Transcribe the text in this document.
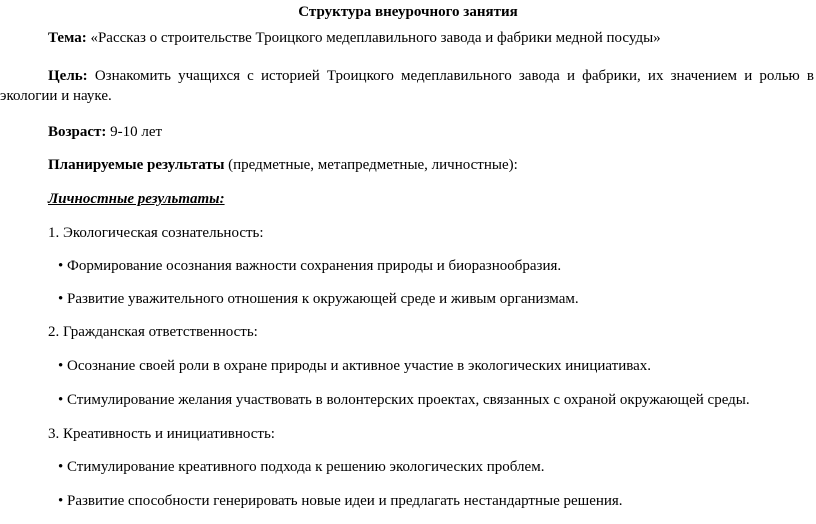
Структура внеурочного занятия
Тема: «Рассказ о строительстве Троицкого медеплавильного завода и фабрики медной посуды»
Цель: Ознакомить учащихся с историей Троицкого медеплавильного завода и фабрики, их значением и ролью в
экологии и науке.
Возраст: 9-10 лет
Планируемые результаты (предметные, метапредметные, личностные):
Личностные результаты:
1. Экологическая сознательность:
• Формирование осознания важности сохранения природы и биоразнообразия.
• Развитие уважительного отношения к окружающей среде и живым организмам.
2. Гражданская ответственность:
• Осознание своей роли в охране природы и активное участие в экологических инициативах.
• Стимулирование желания участвовать в волонтерских проектах, связанных с охраной окружающей среды.
3. Креативность и инициативность:
• Стимулирование креативного подхода к решению экологических проблем.
• Развитие способности генерировать новые идеи и предлагать нестандартные решения.
